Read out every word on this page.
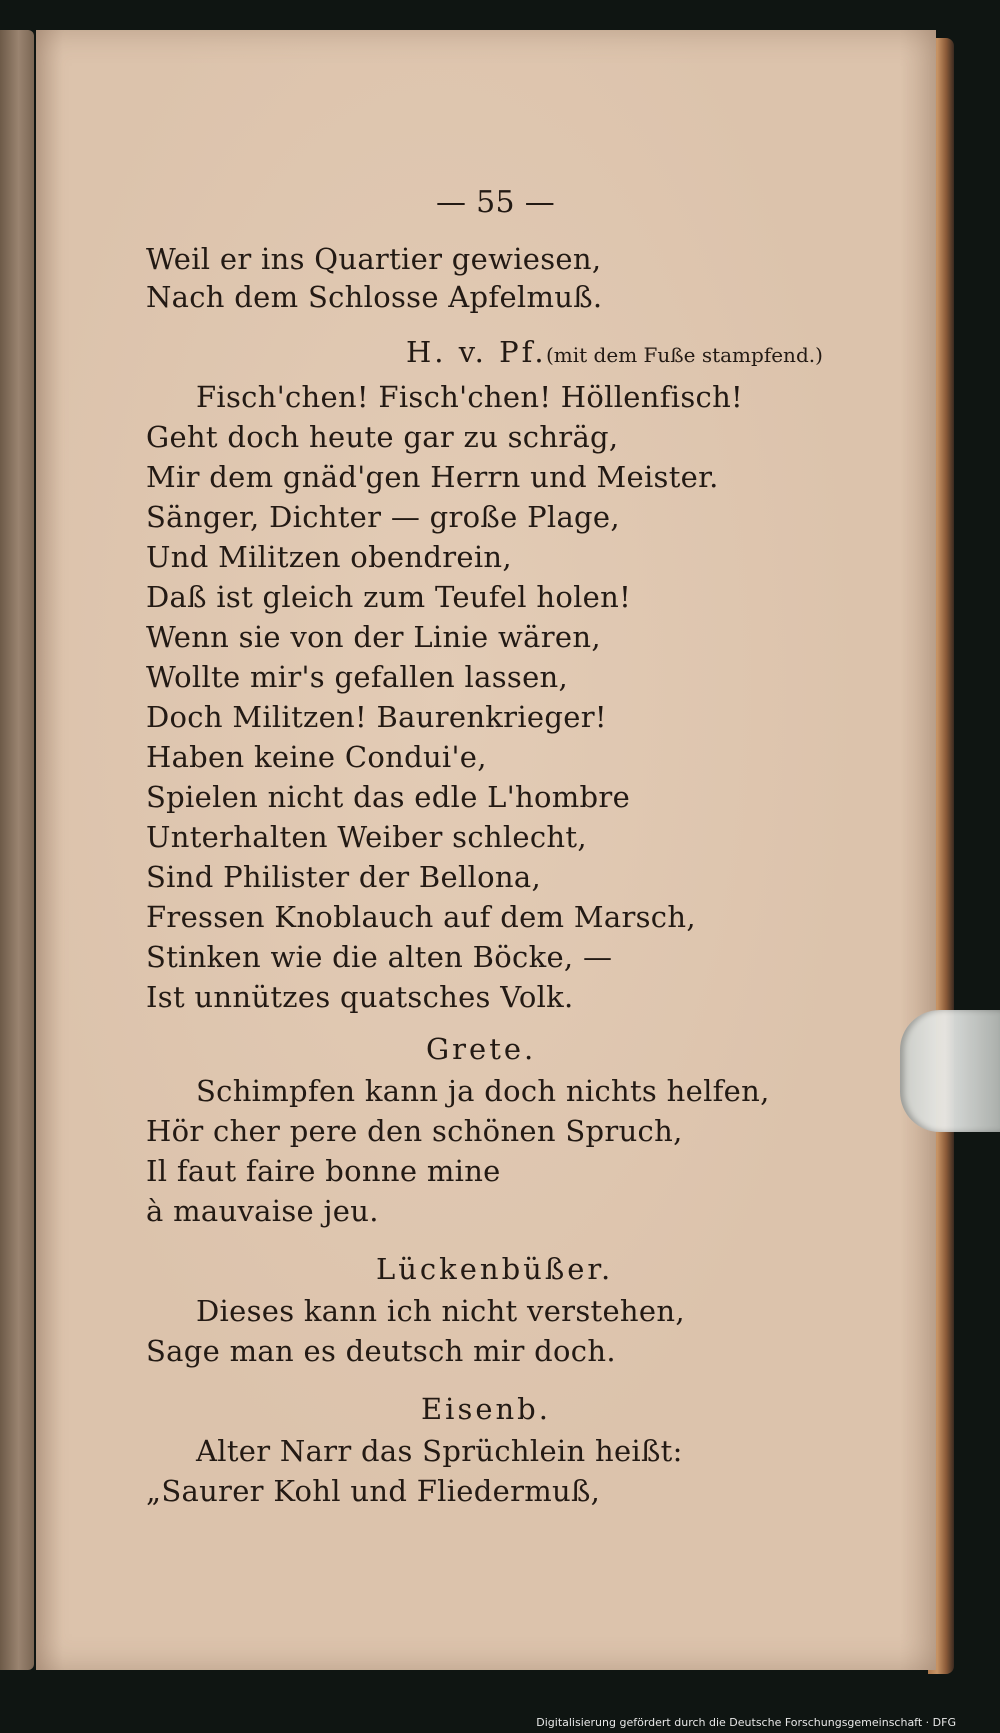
— 55 —

Weil er ins Quartier gewiesen,

Nach dem Schlosse Apfelmuß.

H. v. Pf. (mit dem Fuße stampfend.)

Fisch'chen! Fisch'chen! Höllenfisch!

Geht doch heute gar zu schräg,

Mir dem gnäd'gen Herrn und Meister.

Sänger, Dichter — große Plage,

Und Militzen obendrein,

Daß ist gleich zum Teufel holen!

Wenn sie von der Linie wären,

Wollte mir's gefallen lassen,

Doch Militzen! Baurenkrieger!

Haben keine Condui'e,

Spielen nicht das edle L'hombre

Unterhalten Weiber schlecht,

Sind Philister der Bellona,

Fressen Knoblauch auf dem Marsch,

Stinken wie die alten Böcke, —

Ist unnützes quatsches Volk.

Grete.

Schimpfen kann ja doch nichts helfen,

Hör cher pere den schönen Spruch,

Il faut faire bonne mine

à mauvaise jeu.

Lückenbüßer.

Dieses kann ich nicht verstehen,

Sage man es deutsch mir doch.

Eisenb.

Alter Narr das Sprüchlein heißt:

„Saurer Kohl und Fliedermuß,

Digitalisierung gefördert durch die Deutsche Forschungsgemeinschaft · DFG
